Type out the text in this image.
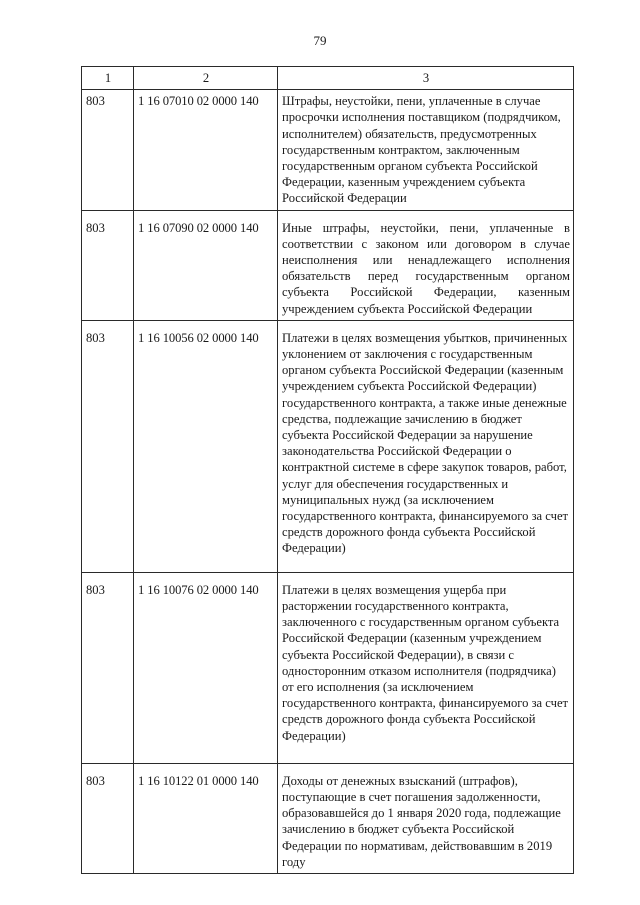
79
1	2	3
803	1 16 07010 02 0000 140	Штрафы, неустойки, пени, уплаченные в случае просрочки исполнения поставщиком (подрядчиком, исполнителем) обязательств, предусмотренных государственным контрактом, заключенным государственным органом субъекта Российской Федерации, казенным учреждением субъекта Российской Федерации
803	1 16 07090 02 0000 140	Иные штрафы, неустойки, пени, уплаченные в соответствии с законом или договором в случае неисполнения или ненадлежащего исполнения обязательств перед государственным органом субъекта Российской Федерации, казенным учреждением субъекта Российской Федерации
803	1 16 10056 02 0000 140	Платежи в целях возмещения убытков, причиненных уклонением от заключения с государственным органом субъекта Российской Федерации (казенным учреждением субъекта Российской Федерации) государственного контракта, а также иные денежные средства, подлежащие зачислению в бюджет субъекта Российской Федерации за нарушение законодательства Российской Федерации о контрактной системе в сфере закупок товаров, работ, услуг для обеспечения государственных и муниципальных нужд (за исключением государственного контракта, финансируемого за счет средств дорожного фонда субъекта Российской Федерации)
803	1 16 10076 02 0000 140	Платежи в целях возмещения ущерба при расторжении государственного контракта, заключенного с государственным органом субъекта Российской Федерации (казенным учреждением субъекта Российской Федерации), в связи с односторонним отказом исполнителя (подрядчика) от его исполнения (за исключением государственного контракта, финансируемого за счет средств дорожного фонда субъекта Российской Федерации)
803	1 16 10122 01 0000 140	Доходы от денежных взысканий (штрафов), поступающие в счет погашения задолженности, образовавшейся до 1 января 2020 года, подлежащие зачислению в бюджет субъекта Российской Федерации по нормативам, действовавшим в 2019 году
